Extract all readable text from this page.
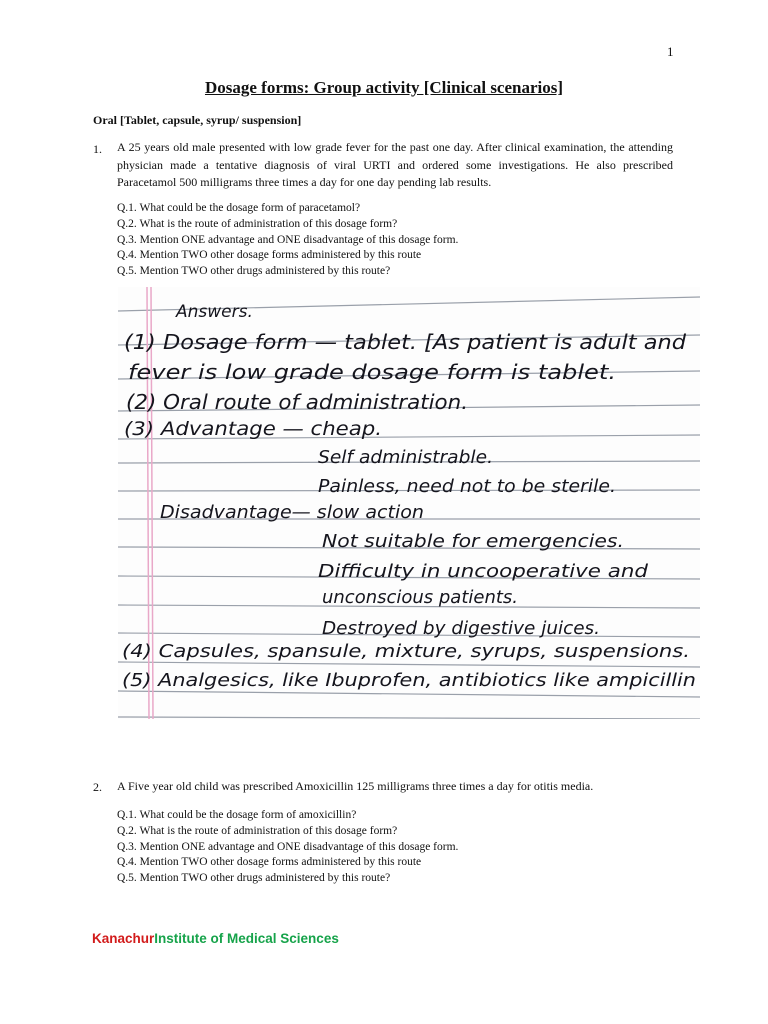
1
Dosage forms: Group activity [Clinical scenarios]
Oral [Tablet, capsule, syrup/ suspension]
1. A 25 years old male presented with low grade fever for the past one day. After clinical examination, the attending physician made a tentative diagnosis of viral URTI and ordered some investigations. He also prescribed Paracetamol 500 milligrams three times a day for one day pending lab results.
Q.1. What could be the dosage form of paracetamol?
Q.2. What is the route of administration of this dosage form?
Q.3. Mention ONE advantage and ONE disadvantage of this dosage form.
Q.4. Mention TWO other dosage forms administered by this route
Q.5. Mention TWO other drugs administered by this route?
Answers.
(1) Dosage form — tablet. [As patient is adult and
fever is low grade dosage form is tablet.
(2) Oral route of administration.
(3) Advantage — cheap.
Self administrable.
Painless, need not to be sterile.
Disadvantage— slow action
Not suitable for emergencies.
Difficulty in uncooperative and
unconscious patients.
Destroyed by digestive juices.
(4) Capsules, spansule, mixture, syrups, suspensions.
(5) Analgesics, like Ibuprofen, antibiotics like ampicillin
2. A Five year old child was prescribed Amoxicillin 125 milligrams three times a day for otitis media.
Q.1. What could be the dosage form of amoxicillin?
Q.2. What is the route of administration of this dosage form?
Q.3. Mention ONE advantage and ONE disadvantage of this dosage form.
Q.4. Mention TWO other dosage forms administered by this route
Q.5. Mention TWO other drugs administered by this route?
KanachurInstitute of Medical Sciences
